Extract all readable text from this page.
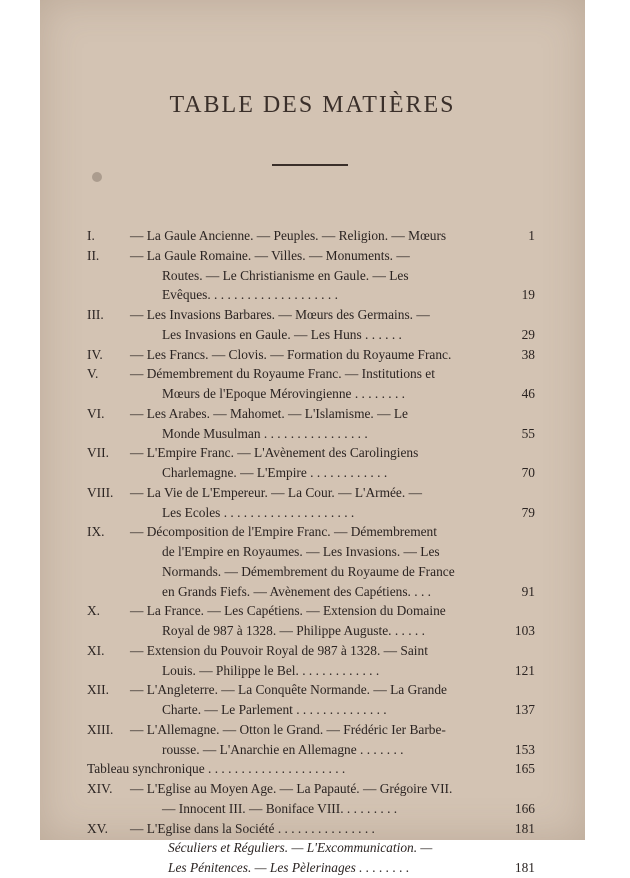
TABLE DES MATIÈRES
I.	— La Gaule Ancienne. — Peuples. — Religion. — Mœurs	1
II. — La Gaule Romaine. — Villes. — Monuments. —
Routes. — Le Christianisme en Gaule. — Les
Evêques. . . . . . . . . . . . . . . . . . . .	19
III. — Les Invasions Barbares. — Mœurs des Germains. —
Les Invasions en Gaule. — Les Huns . . . . . .	29
IV. — Les Francs. — Clovis. — Formation du Royaume Franc.	38
V. — Démembrement du Royaume Franc. — Institutions et
Mœurs de l'Epoque Mérovingienne . . . . . . . .	46
VI. — Les Arabes. — Mahomet. — L'Islamisme. — Le
Monde Musulman . . . . . . . . . . . . . . . .	55
VII. — L'Empire Franc. — L'Avènement des Carolingiens
Charlemagne. — L'Empire . . . . . . . . . . . .	70
VIII. — La Vie de L'Empereur. — La Cour. — L'Armée. —
Les Ecoles . . . . . . . . . . . . . . . . . . . .	79
IX. — Décomposition de l'Empire Franc. — Démembrement
de l'Empire en Royaumes. — Les Invasions. — Les
Normands. — Démembrement du Royaume de France
en Grands Fiefs. — Avènement des Capétiens. . . .	91
X. — La France. — Les Capétiens. — Extension du Domaine
Royal de 987 à 1328. — Philippe Auguste. . . . . .	103
XI. — Extension du Pouvoir Royal de 987 à 1328. — Saint
Louis. — Philippe le Bel. . . . . . . . . . . . .	121
XII. — L'Angleterre. — La Conquête Normande. — La Grande
Charte. — Le Parlement . . . . . . . . . . . . . .	137
XIII. — L'Allemagne. — Otton le Grand. — Frédéric Ier Barbe-
rousse. — L'Anarchie en Allemagne . . . . . . .	153
Tableau synchronique . . . . . . . . . . . . . . . . . . . . .	165
XIV. — L'Eglise au Moyen Age. — La Papauté. — Grégoire VII.
— Innocent III. — Boniface VIII. . . . . . . . .	166
XV. — L'Eglise dans la Société . . . . . . . . . . . . . . .	181
Séculiers et Réguliers. — L'Excommunication. —
Les Pénitences. — Les Pèlerinages . . . . . . . .	181
